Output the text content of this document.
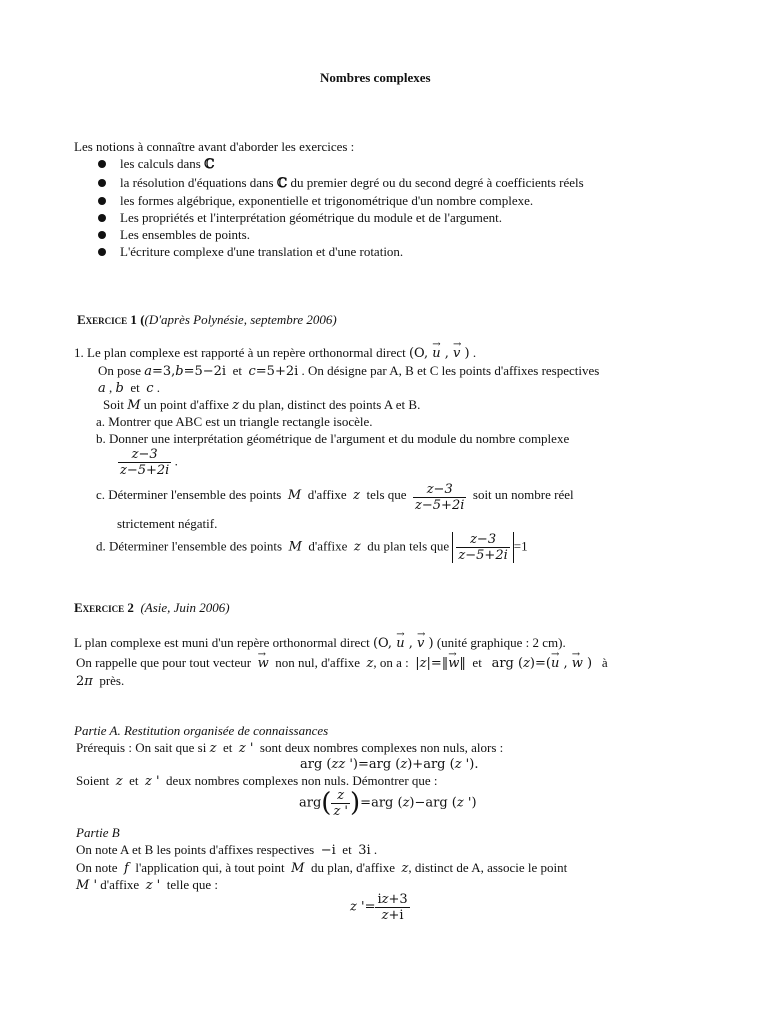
Nombres complexes
Les notions à connaître avant d'aborder les exercices :
les calculs dans ℂ
la résolution d'équations dans ℂ du premier degré ou du second degré à coefficients réels
les formes algébrique, exponentielle et trigonométrique d'un nombre complexe.
Les propriétés et l'interprétation géométrique du module et de l'argument.
Les ensembles de points.
L'écriture complexe d'une translation et d'une rotation.
Exercice 1 ((D'après Polynésie, septembre 2006)
1. Le plan complexe est rapporté à un repère orthonormal direct (O, → u , → v ) .
On pose a=3,b=5−2i  et  c=5+2i . On désigne par A, B et C les points d'affixes respectives
a , b et c .
Soit M un point d'affixe z du plan, distinct des points A et B.
a. Montrer que ABC est un triangle rectangle isocèle.
b. Donner une interprétation géométrique de l'argument et du module du nombre complexe
$\frac{z-3}{z-5+2i}$ .
c. Déterminer l'ensemble des points M d'affixe z tels que $\frac{z-3}{z-5+2i}$ soit un nombre réel
strictement négatif.
d. Déterminer l'ensemble des points M d'affixe z du plan tels que $\frac{z-3}{z-5+2i} =1$
Exercice 2 (Asie, Juin 2006)
L plan complexe est muni d'un repère orthonormal direct (O, → u , → v ) (unité graphique : 2 cm).
On rappelle que pour tout vecteur  → w non nul, d'affixe z, on a : |z|=‖→ w‖ et arg (z)=(→ u , → w ) à
2π près.
Partie A. Restitution organisée de connaissances
Prérequis : On sait que si z et z ' sont deux nombres complexes non nuls, alors :
arg (zz ')=arg (z)+arg (z ').
Soient z et z ' deux nombres complexes non nuls. Démontrer que :
$arg( \frac{z}{z '} )=arg$ (z)−arg (z ')
Partie B
On note A et B les points d'affixes respectives −i et 3i .
On note f l'application qui, à tout point M du plan, d'affixe z, distinct de A, associe le point
M ' d'affixe z ' telle que :
z '= $\frac{iz+3}{z+i}$
